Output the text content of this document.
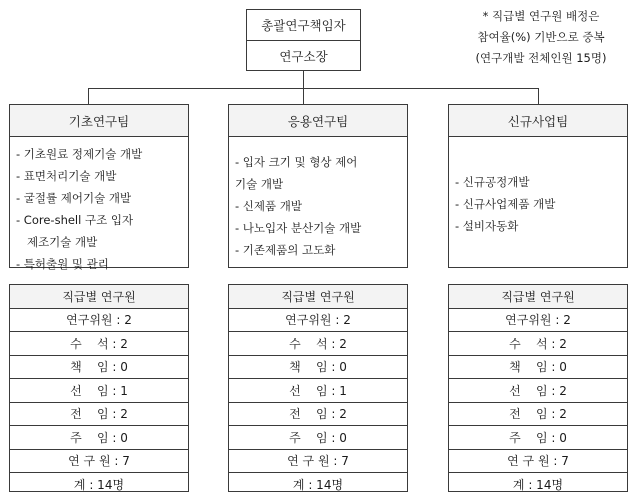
총괄연구책임자
연구소장
* 직급별 연구원 배정은
참여율(%) 기반으로 중복
(연구개발 전체인원 15명)
기초연구팀
- 기초원료 정제기술 개발
- 표면처리기술 개발
- 굴절률 제어기술 개발
- Core-shell 구조 입자
제조기술 개발
- 특허출원 및 관리
응용연구팀
- 입자 크기 및 형상 제어
기술 개발
- 신제품 개발
- 나노입자 분산기술 개발
- 기존제품의 고도화
신규사업팀
- 신규공정개발
- 신규사업제품 개발
- 설비자동화
직급별 연구원
연구위원 : 2
수    석 : 2
책    임 : 0
선    임 : 1
전    임 : 2
주    임 : 0
연 구 원 : 7
계 : 14명
직급별 연구원
연구위원 : 2
수    석 : 2
책    임 : 0
선    임 : 1
전    임 : 2
주    임 : 0
연 구 원 : 7
계 : 14명
직급별 연구원
연구위원 : 2
수    석 : 2
책    임 : 0
선    임 : 2
전    임 : 2
주    임 : 0
연 구 원 : 7
계 : 14명
